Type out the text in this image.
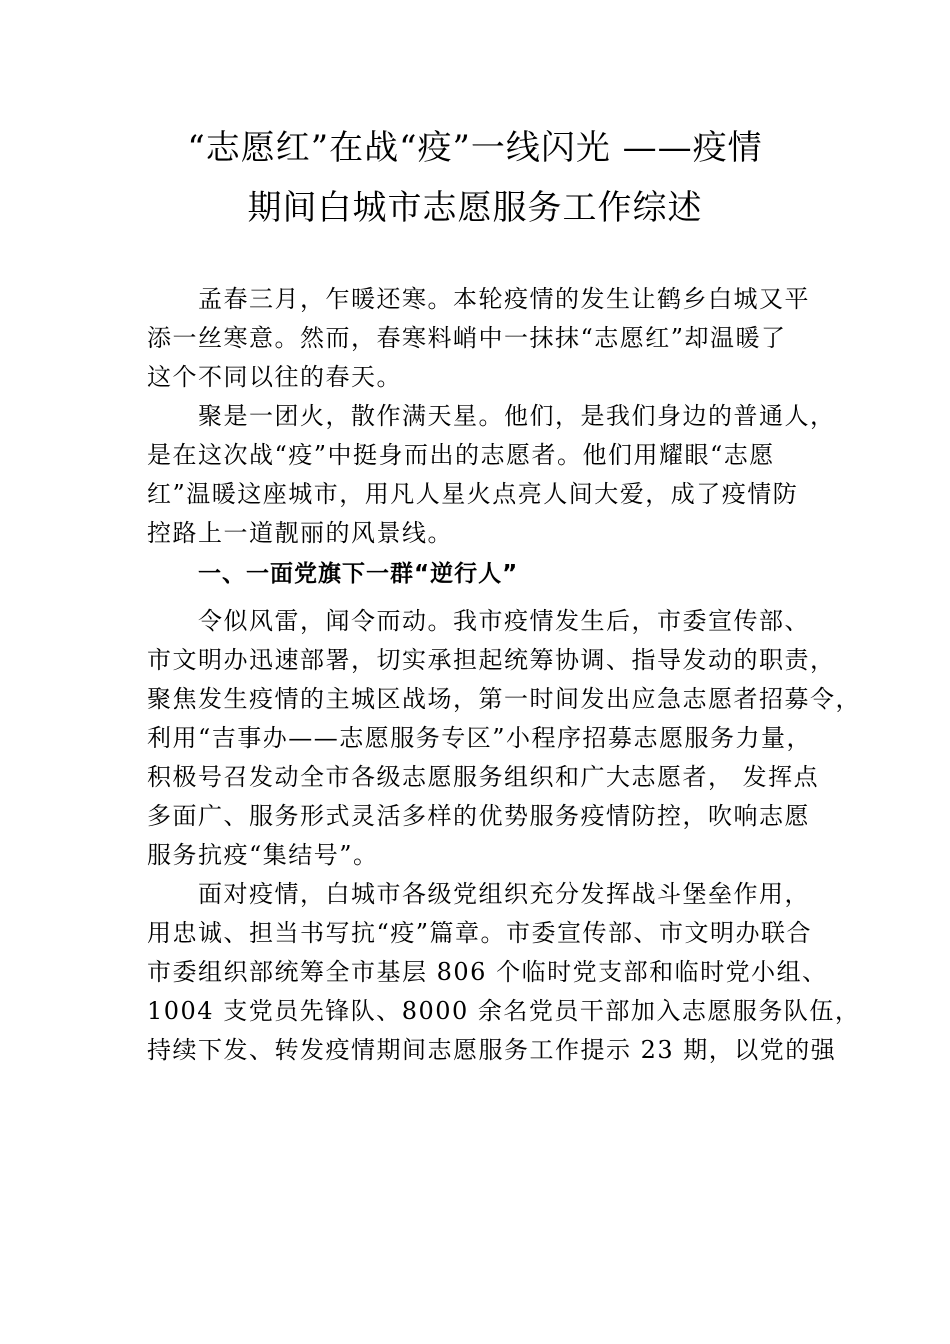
“志愿红”在战“疫”一线闪光 ——疫情
期间白城市志愿服务工作综述
孟春三月，乍暖还寒。本轮疫情的发生让鹤乡白城又平
添一丝寒意。然而，春寒料峭中一抹抹“志愿红”却温暖了
这个不同以往的春天。
聚是一团火，散作满天星。他们，是我们身边的普通人，
是在这次战“疫”中挺身而出的志愿者。他们用耀眼“志愿
红”温暖这座城市，用凡人星火点亮人间大爱，成了疫情防
控路上一道靓丽的风景线。
一、一面党旗下一群“逆行人”
令似风雷，闻令而动。我市疫情发生后，市委宣传部、
市文明办迅速部署，切实承担起统筹协调、指导发动的职责，
聚焦发生疫情的主城区战场，第一时间发出应急志愿者招募令，
利用“吉事办——志愿服务专区”小程序招募志愿服务力量，
积极号召发动全市各级志愿服务组织和广大志愿者， 发挥点
多面广、服务形式灵活多样的优势服务疫情防控，吹响志愿
服务抗疫“集结号”。
面对疫情，白城市各级党组织充分发挥战斗堡垒作用，
用忠诚、担当书写抗“疫”篇章。市委宣传部、市文明办联合
市委组织部统筹全市基层 806 个临时党支部和临时党小组、
1004 支党员先锋队、8000 余名党员干部加入志愿服务队伍，
持续下发、转发疫情期间志愿服务工作提示 23 期，以党的强
